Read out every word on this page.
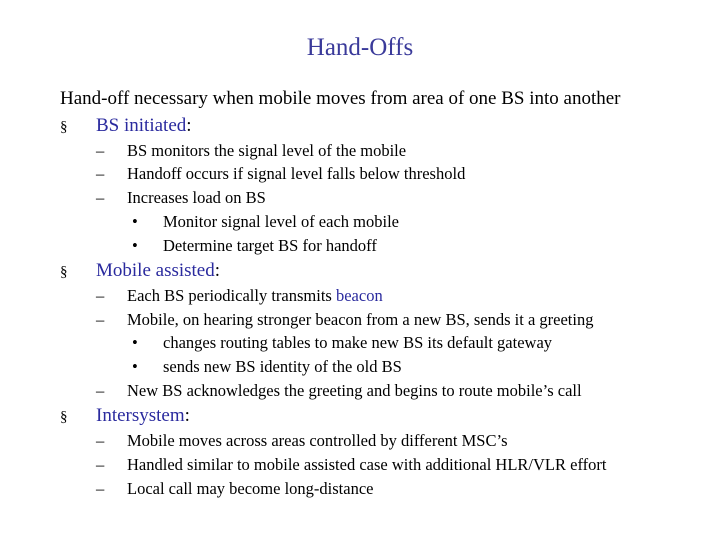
Hand-Offs
Hand-off necessary when mobile moves from area of one BS into another
§ BS initiated:
– BS monitors the signal level of the mobile
– Handoff occurs if signal level falls below threshold
– Increases load on BS
• Monitor signal level of each mobile
• Determine target BS for handoff
§ Mobile assisted:
– Each BS periodically transmits beacon
– Mobile, on hearing stronger beacon from a new BS, sends it a greeting
• changes routing tables to make new BS its default gateway
• sends new BS identity of the old BS
– New BS acknowledges the greeting and begins to route mobile’s call
§ Intersystem:
– Mobile moves across areas controlled by different MSC’s
– Handled similar to mobile assisted case with additional HLR/VLR effort
– Local call may become long-distance
